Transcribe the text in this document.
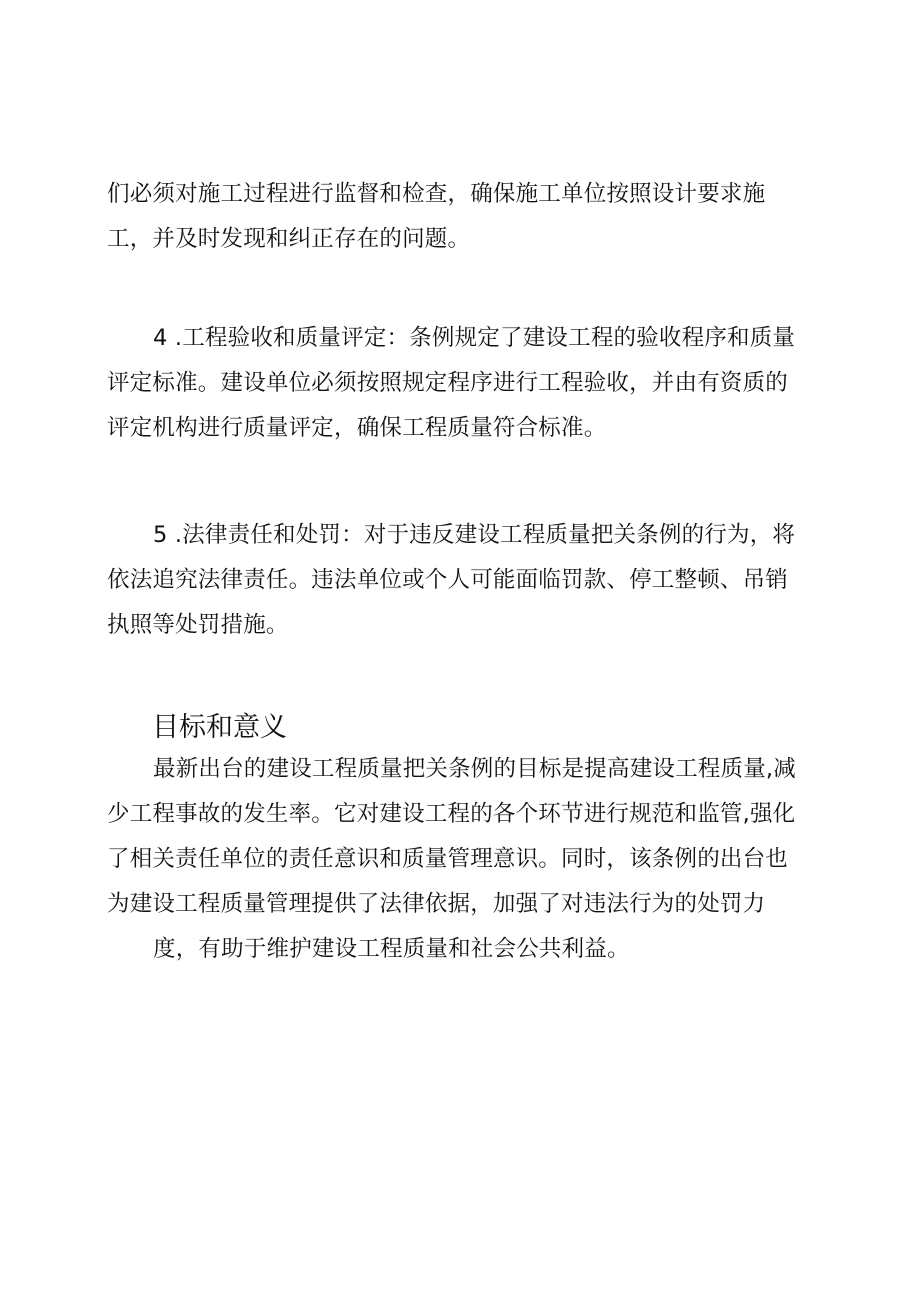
们必须对施工过程进行监督和检查，确保施工单位按照设计要求施
工，并及时发现和纠正存在的问题。
4 .工程验收和质量评定：条例规定了建设工程的验收程序和质量
评定标准。建设单位必须按照规定程序进行工程验收，并由有资质的
评定机构进行质量评定，确保工程质量符合标准。
5 .法律责任和处罚：对于违反建设工程质量把关条例的行为，将
依法追究法律责任。违法单位或个人可能面临罚款、停工整顿、吊销
执照等处罚措施。
目标和意义
最新出台的建设工程质量把关条例的目标是提高建设工程质量,减
少工程事故的发生率。它对建设工程的各个环节进行规范和监管,强化
了相关责任单位的责任意识和质量管理意识。同时，该条例的出台也
为建设工程质量管理提供了法律依据，加强了对违法行为的处罚力
度，有助于维护建设工程质量和社会公共利益。
